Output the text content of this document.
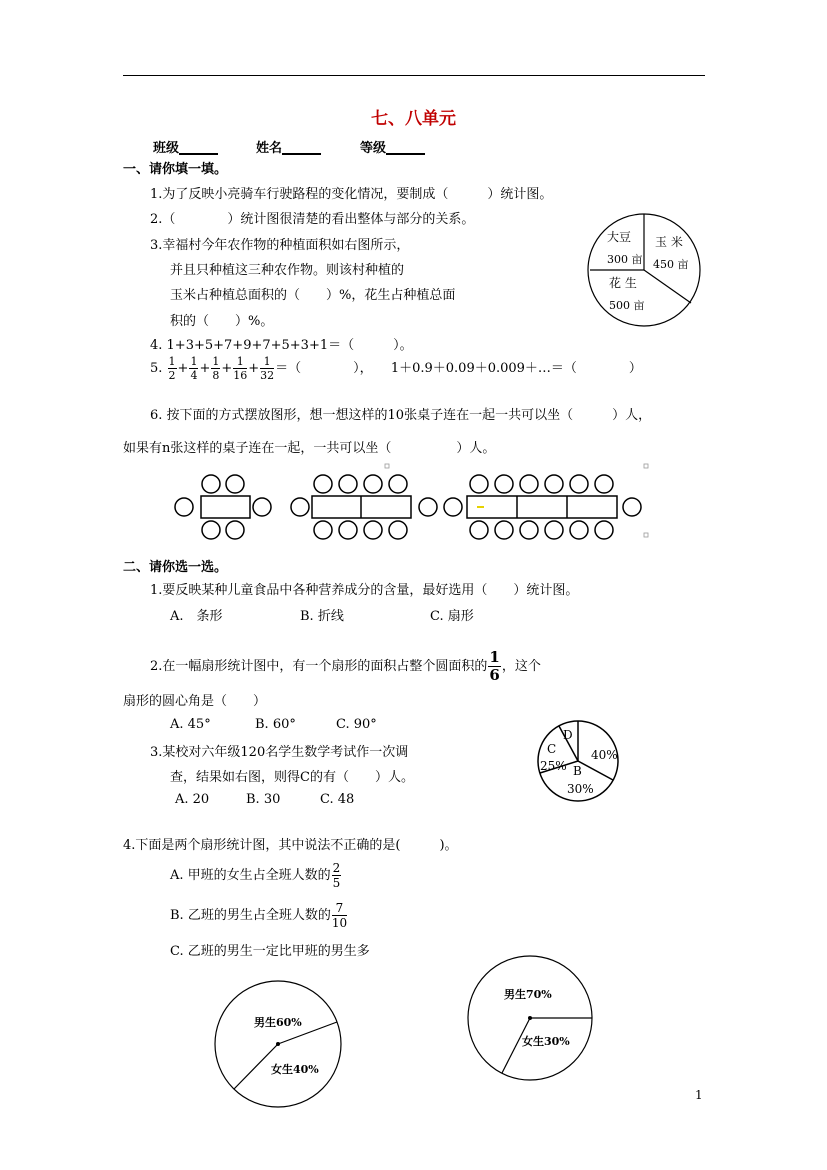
七、八单元
班级______	姓名______	等级______
一、请你填一填。
1.为了反映小亮骑车行驶路程的变化情况，要制成（　　　）统计图。
2.（　　　　）统计图很清楚的看出整体与部分的关系。
3.幸福村今年农作物的种植面积如右图所示，
并且只种植这三种农作物。则该村种植的
玉米占种植总面积的（　　）%，花生占种植总面
积的（　　）%。
大豆
300 亩
玉 米
450 亩
花 生
500 亩
4. 1+3+5+7+9+7+5+3+1＝（　　　）。
5. $\frac{1}{2} + \frac{1}{4} + \frac{1}{8} + \frac{1}{16} + \frac{1}{32}$ ＝（　　　　）， 1＋0.9＋0.09＋0.009＋…＝（　　　　）
6. 按下面的方式摆放图形，想一想这样的10张桌子连在一起一共可以坐（　　　）人，
如果有n张这样的桌子连在一起，一共可以坐（　　　　　）人。
二、请你选一选。
1.要反映某种儿童食品中各种营养成分的含量，最好选用（　　）统计图。
A.　条形	B. 折线	C. 扇形
2.在一幅扇形统计图中，有一个扇形的面积占整个圆面积的 $\frac{1}{6}$ ，这个
扇形的圆心角是（　　）
A. 45°	B. 60°	C. 90°
3.某校对六年级120名学生数学考试作一次调
查，结果如右图，则得C的有（　　）人。
A. 20	B. 30	C. 48
D
40%
C
25% B
30%
4.下面是两个扇形统计图，其中说法不正确的是(　　　)。
A. 甲班的女生占全班人数的 $\frac{2}{5}$
B. 乙班的男生占全班人数的 $\frac{7}{10}$
C. 乙班的男生一定比甲班的男生多
男生60%
女生40%
男生70%
女生30%
1
